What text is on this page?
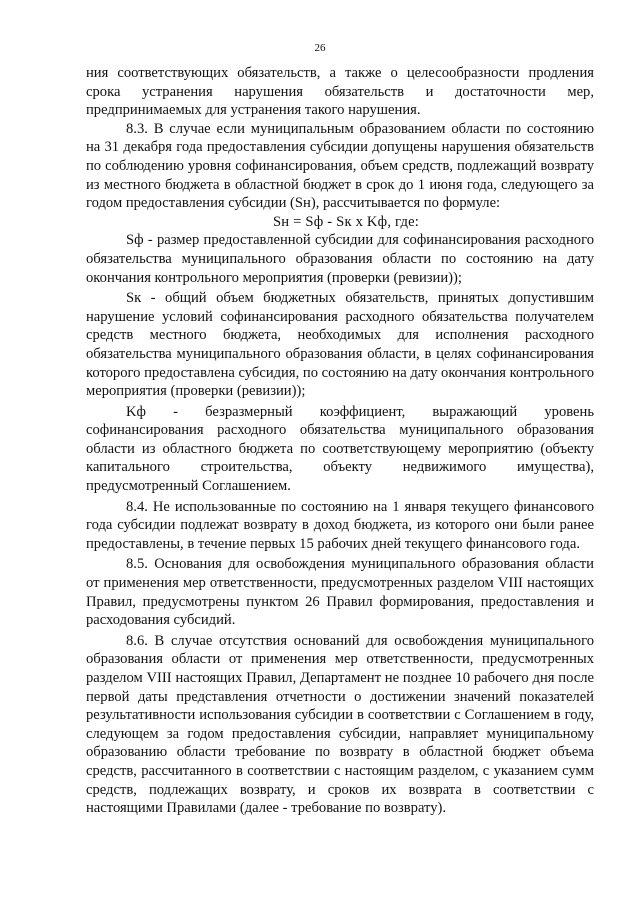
26

ния соответствующих обязательств, а также о целесообразности продления срока устранения нарушения обязательств и достаточности мер, предпринимаемых для устранения такого нарушения.

8.3. В случае если муниципальным образованием области по состоянию на 31 декабря года предоставления субсидии допущены нарушения обязательств по соблюдению уровня софинансирования, объем средств, подлежащий возврату из местного бюджета в областной бюджет в срок до 1 июня года, следующего за годом предоставления субсидии (Sн), рассчитывается по формуле:

Sн = Sф - Sк x Kф, где:

Sф - размер предоставленной субсидии для софинансирования расходного обязательства муниципального образования области по состоянию на дату окончания контрольного мероприятия (проверки (ревизии));

Sк - общий объем бюджетных обязательств, принятых допустившим нарушение условий софинансирования расходного обязательства получателем средств местного бюджета, необходимых для исполнения расходного обязательства муниципального образования области, в целях софинансирования которого предоставлена субсидия, по состоянию на дату окончания контрольного мероприятия (проверки (ревизии));

Kф - безразмерный коэффициент, выражающий уровень софинансирования расходного обязательства муниципального образования области из областного бюджета по соответствующему мероприятию (объекту капитального строительства, объекту недвижимого имущества), предусмотренный Соглашением.

8.4. Не использованные по состоянию на 1 января текущего финансового года субсидии подлежат возврату в доход бюджета, из которого они были ранее предоставлены, в течение первых 15 рабочих дней текущего финансового года.

8.5. Основания для освобождения муниципального образования области от применения мер ответственности, предусмотренных разделом VIII настоящих Правил, предусмотрены пунктом 26 Правил формирования, предоставления и расходования субсидий.

8.6. В случае отсутствия оснований для освобождения муниципального образования области от применения мер ответственности, предусмотренных разделом VIII настоящих Правил, Департамент не позднее 10 рабочего дня после первой даты представления отчетности о достижении значений показателей результативности использования субсидии в соответствии с Соглашением в году, следующем за годом предоставления субсидии, направляет муниципальному образованию области требование по возврату в областной бюджет объема средств, рассчитанного в соответствии с настоящим разделом, с указанием сумм средств, подлежащих возврату, и сроков их возврата в соответствии с настоящими Правилами (далее - требование по возврату).
